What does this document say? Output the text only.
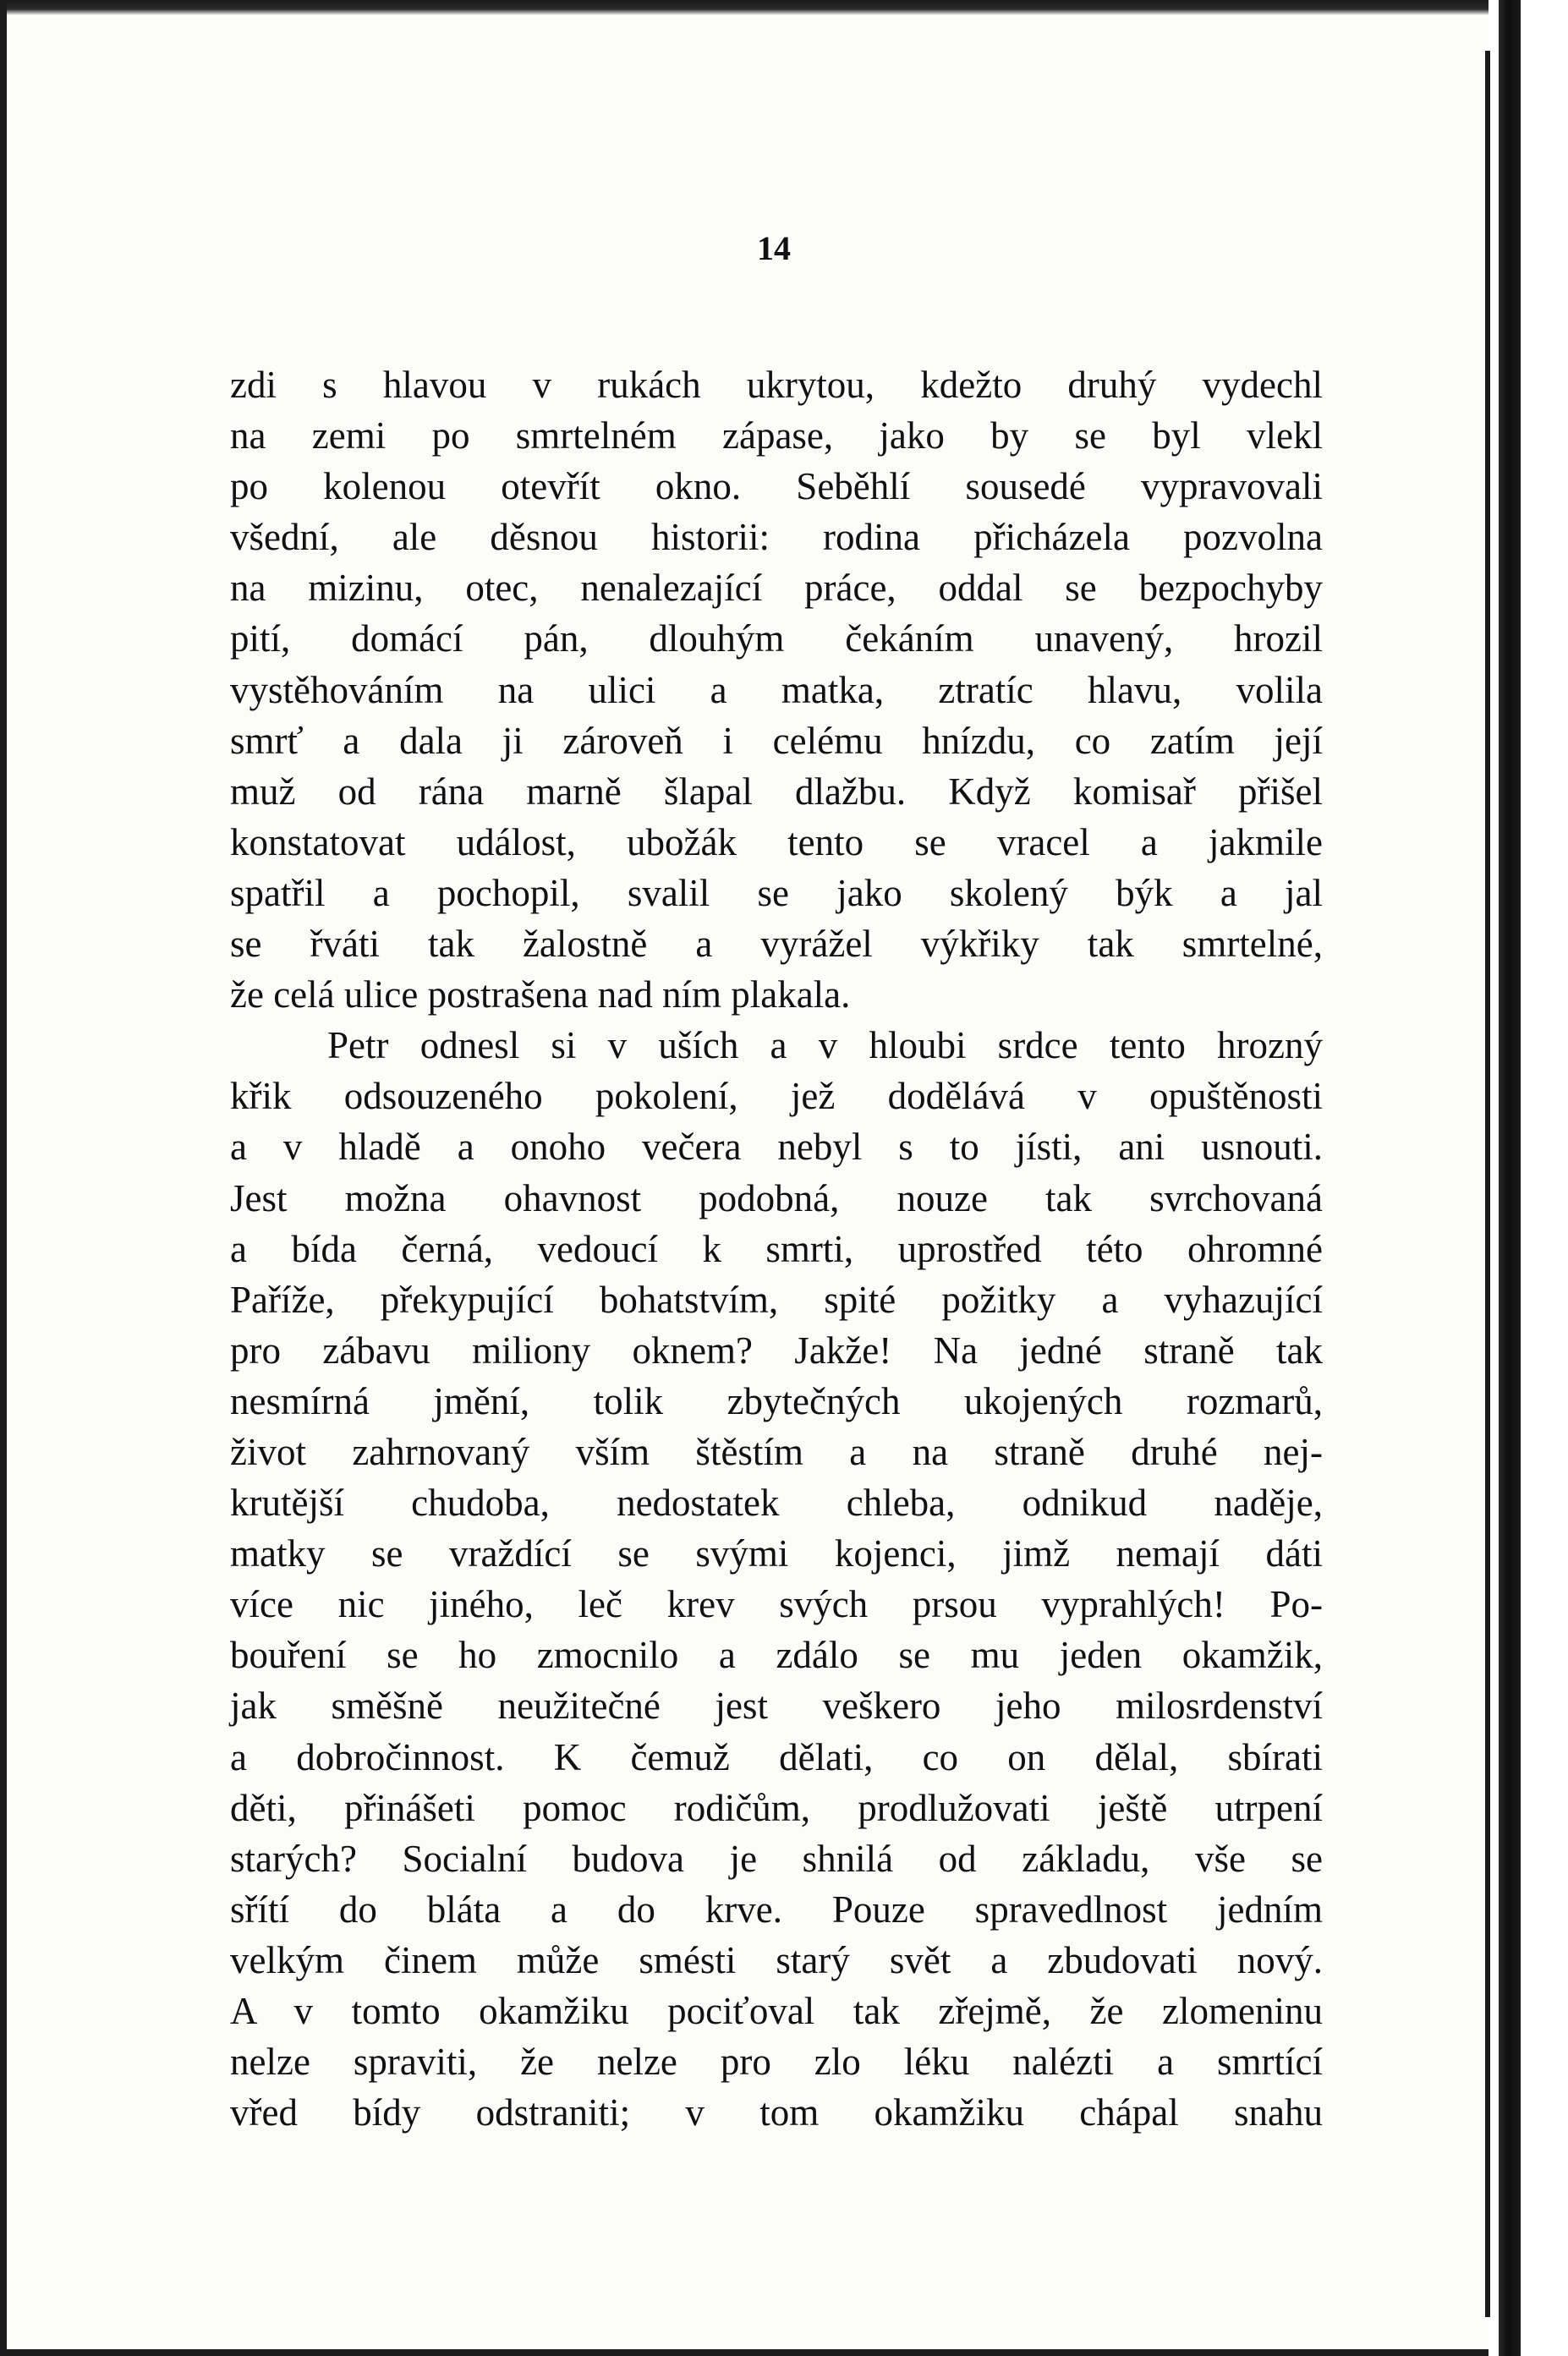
14
zdi s hlavou v rukách ukrytou, kdežto druhý vydechl
na zemi po smrtelném zápase, jako by se byl vlekl
po kolenou otevřít okno. Seběhlí sousedé vypravovali
všední, ale děsnou historii: rodina přicházela pozvolna
na mizinu, otec, nenalezající práce, oddal se bezpochyby
pití, domácí pán, dlouhým čekáním unavený, hrozil
vystěhováním na ulici a matka, ztratíc hlavu, volila
smrť a dala ji zároveň i celému hnízdu, co zatím její
muž od rána marně šlapal dlažbu. Když komisař přišel
konstatovat událost, ubožák tento se vracel a jakmile
spatřil a pochopil, svalil se jako skolený býk a jal
se řváti tak žalostně a vyrážel výkřiky tak smrtelné,
že celá ulice postrašena nad ním plakala.
Petr odnesl si v uších a v hloubi srdce tento hrozný
křik odsouzeného pokolení, jež dodělává v opuštěnosti
a v hladě a onoho večera nebyl s to jísti, ani usnouti.
Jest možna ohavnost podobná, nouze tak svrchovaná
a bída černá, vedoucí k smrti, uprostřed této ohromné
Paříže, překypující bohatstvím, spité požitky a vyhazující
pro zábavu miliony oknem? Jakže! Na jedné straně tak
nesmírná jmění, tolik zbytečných ukojených rozmarů,
život zahrnovaný vším štěstím a na straně druhé nej-
krutější chudoba, nedostatek chleba, odnikud naděje,
matky se vraždící se svými kojenci, jimž nemají dáti
více nic jiného, leč krev svých prsou vyprahlých! Po-
bouření se ho zmocnilo a zdálo se mu jeden okamžik,
jak směšně neužitečné jest veškero jeho milosrdenství
a dobročinnost. K čemuž dělati, co on dělal, sbírati
děti, přinášeti pomoc rodičům, prodlužovati ještě utrpení
starých? Socialní budova je shnilá od základu, vše se
sřítí do bláta a do krve. Pouze spravedlnost jedním
velkým činem může smésti starý svět a zbudovati nový.
A v tomto okamžiku pociťoval tak zřejmě, že zlomeninu
nelze spraviti, že nelze pro zlo léku nalézti a smrtící
vřed bídy odstraniti; v tom okamžiku chápal snahu
